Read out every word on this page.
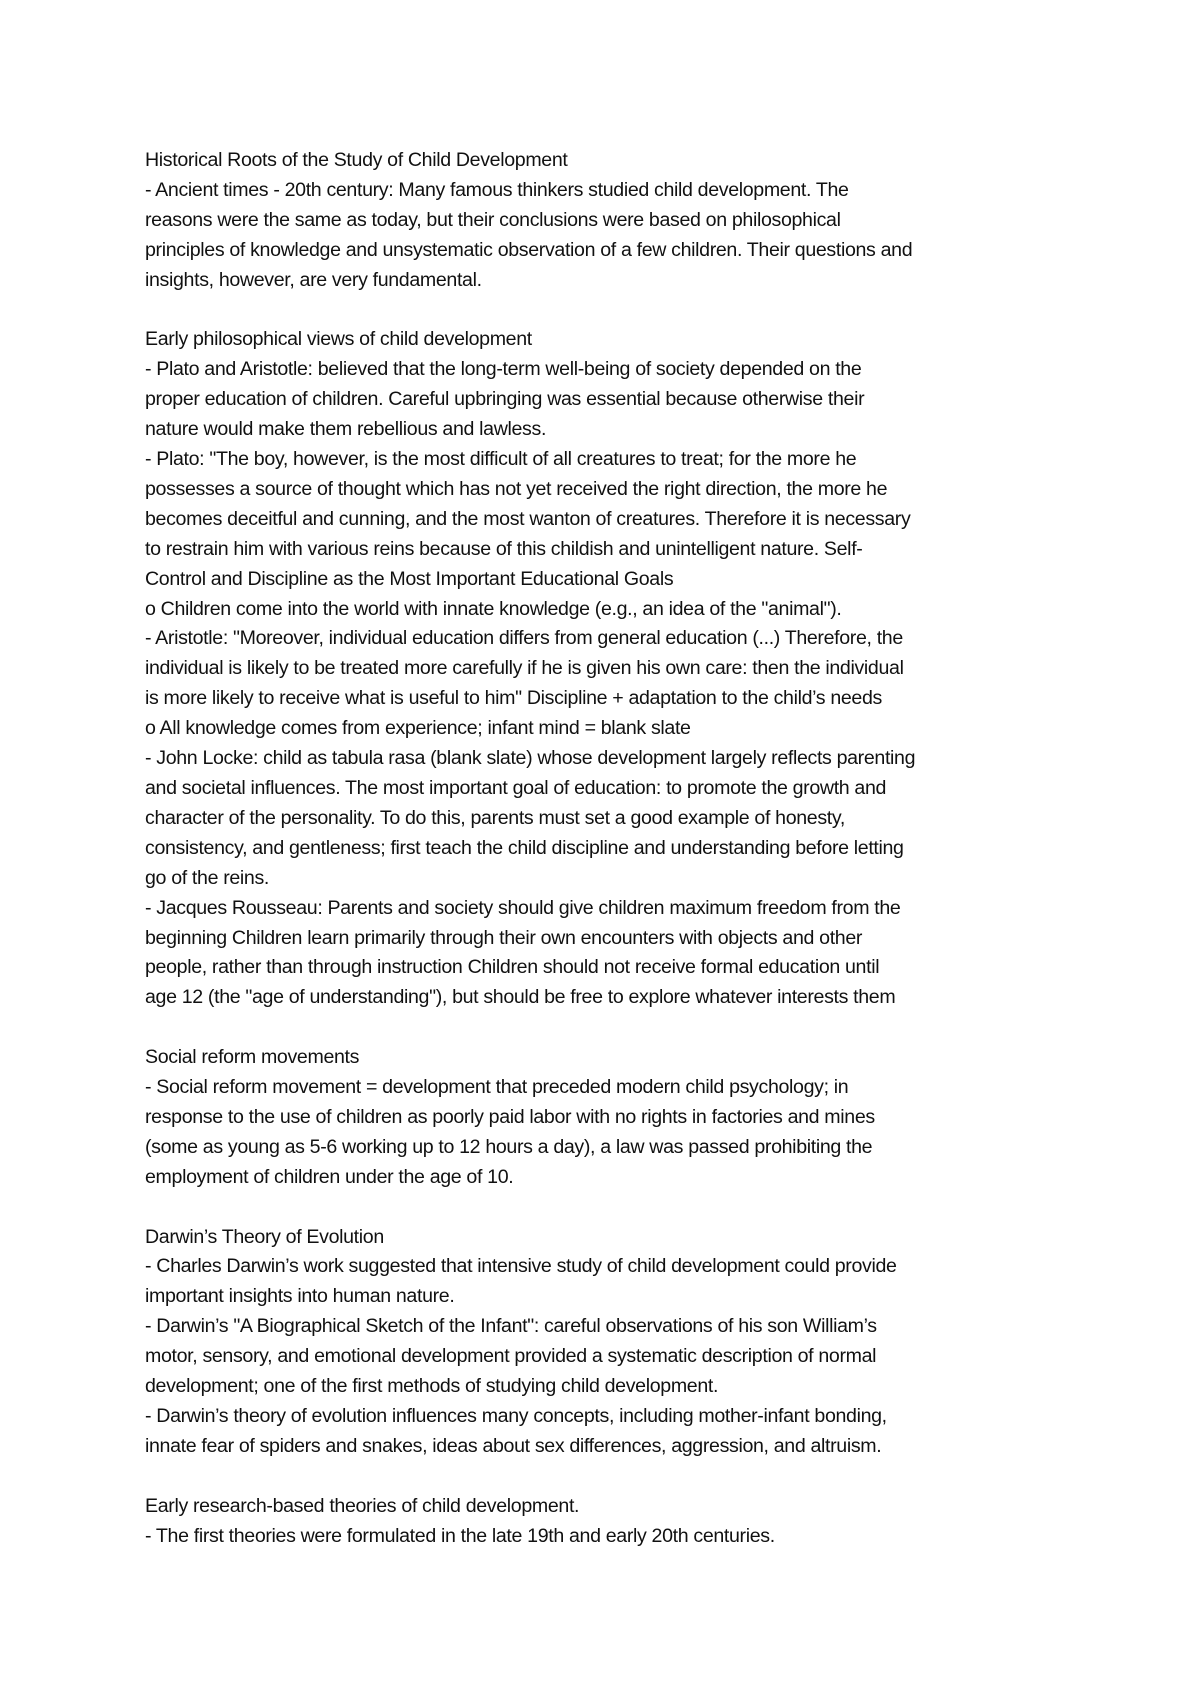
Historical Roots of the Study of Child Development
- Ancient times - 20th century: Many famous thinkers studied child development. The
reasons were the same as today, but their conclusions were based on philosophical
principles of knowledge and unsystematic observation of a few children. Their questions and
insights, however, are very fundamental.
Early philosophical views of child development
- Plato and Aristotle: believed that the long-term well-being of society depended on the
proper education of children. Careful upbringing was essential because otherwise their
nature would make them rebellious and lawless.
- Plato: "The boy, however, is the most difficult of all creatures to treat; for the more he
possesses a source of thought which has not yet received the right direction, the more he
becomes deceitful and cunning, and the most wanton of creatures. Therefore it is necessary
to restrain him with various reins because of this childish and unintelligent nature. Self-
Control and Discipline as the Most Important Educational Goals
o Children come into the world with innate knowledge (e.g., an idea of the "animal").
- Aristotle: "Moreover, individual education differs from general education (...) Therefore, the
individual is likely to be treated more carefully if he is given his own care: then the individual
is more likely to receive what is useful to him" Discipline + adaptation to the child’s needs
o All knowledge comes from experience; infant mind = blank slate
- John Locke: child as tabula rasa (blank slate) whose development largely reflects parenting
and societal influences. The most important goal of education: to promote the growth and
character of the personality. To do this, parents must set a good example of honesty,
consistency, and gentleness; first teach the child discipline and understanding before letting
go of the reins.
- Jacques Rousseau: Parents and society should give children maximum freedom from the
beginning Children learn primarily through their own encounters with objects and other
people, rather than through instruction Children should not receive formal education until
age 12 (the "age of understanding"), but should be free to explore whatever interests them
Social reform movements
- Social reform movement = development that preceded modern child psychology; in
response to the use of children as poorly paid labor with no rights in factories and mines
(some as young as 5-6 working up to 12 hours a day), a law was passed prohibiting the
employment of children under the age of 10.
Darwin’s Theory of Evolution
- Charles Darwin’s work suggested that intensive study of child development could provide
important insights into human nature.
- Darwin’s "A Biographical Sketch of the Infant": careful observations of his son William’s
motor, sensory, and emotional development provided a systematic description of normal
development; one of the first methods of studying child development.
- Darwin’s theory of evolution influences many concepts, including mother-infant bonding,
innate fear of spiders and snakes, ideas about sex differences, aggression, and altruism.
Early research-based theories of child development.
- The first theories were formulated in the late 19th and early 20th centuries.
